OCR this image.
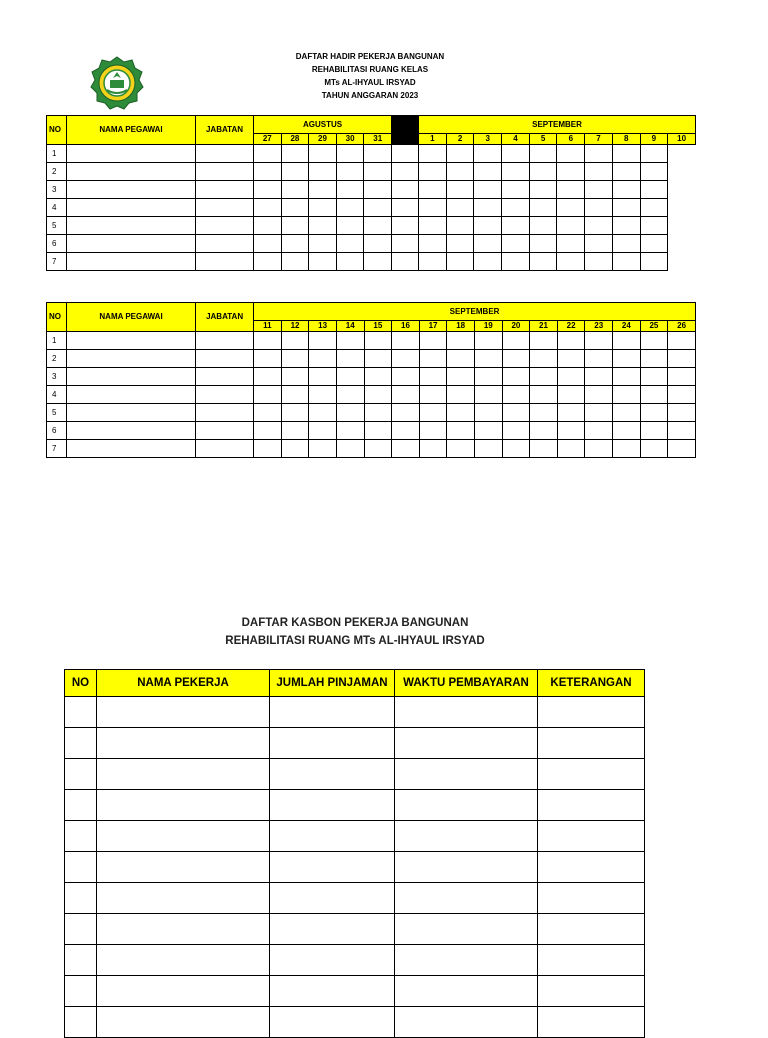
DAFTAR HADIR PEKERJA BANGUNAN
REHABILITASI RUANG KELAS
MTs AL-IHYAUL IRSYAD
TAHUN ANGGARAN 2023
NO	NAMA PEGAWAI	JABATAN	AGUSTUS						SEPTEMBER									
			27	28	29	30	31		1	2	3	4	5	6	7	8	9	10
1																		
2																		
3																		
4																		
5																		
6																		
7																		
NO	NAMA PEGAWAI	JABATAN	SEPTEMBER															
			11	12	13	14	15	16	17	18	19	20	21	22	23	24	25	26
1																		
2																		
3																		
4																		
5																		
6																		
7																		
DAFTAR KASBON PEKERJA BANGUNAN
REHABILITASI RUANG MTs AL-IHYAUL IRSYAD
NO	NAMA PEKERJA	JUMLAH PINJAMAN	WAKTU PEMBAYARAN	KETERANGAN
